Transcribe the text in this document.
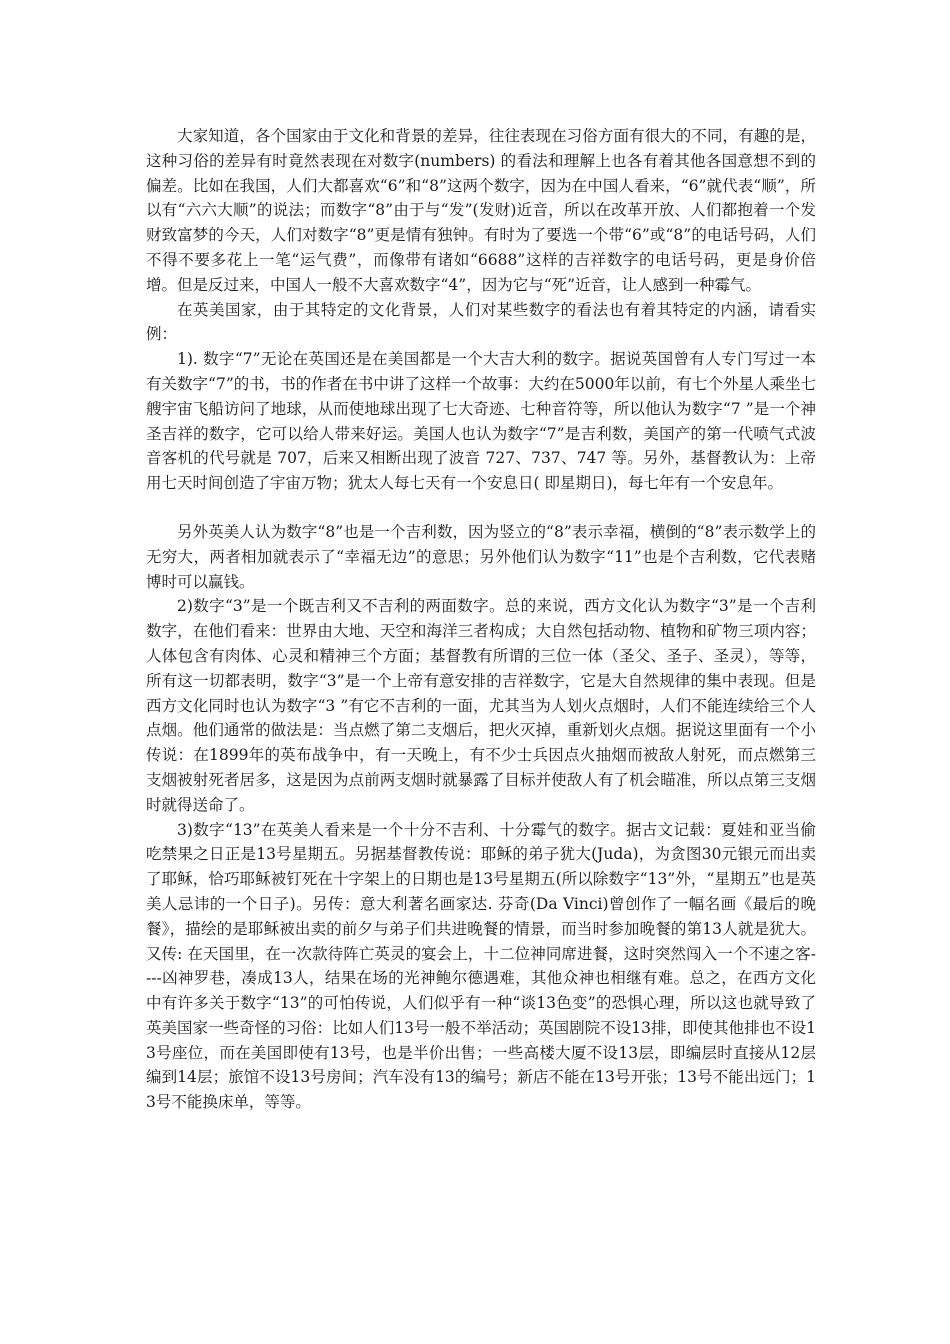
大家知道，各个国家由于文化和背景的差异，往往表现在习俗方面有很大的不同，有趣的是，这种习俗的差异有时竟然表现在对数字(numbers) 的看法和理解上也各有着其他各国意想不到的偏差。比如在我国，人们大都喜欢“6”和“8”这两个数字，因为在中国人看来，“6”就代表“顺”，所以有“六六大顺”的说法；而数字“8”由于与“发”(发财)近音，所以在改革开放、人们都抱着一个发财致富梦的今天，人们对数字“8”更是情有独钟。有时为了要选一个带“6”或“8”的电话号码，人们不得不要多花上一笔“运气费”，而像带有诸如“6688”这样的吉祥数字的电话号码，更是身价倍增。但是反过来，中国人一般不大喜欢数字“4”，因为它与“死”近音，让人感到一种霉气。

在英美国家，由于其特定的文化背景，人们对某些数字的看法也有着其特定的内涵，请看实例：

1). 数字“7”无论在英国还是在美国都是一个大吉大利的数字。据说英国曾有人专门写过一本有关数字“7”的书，书的作者在书中讲了这样一个故事：大约在5000年以前，有七个外星人乘坐七艘宇宙飞船访问了地球，从而使地球出现了七大奇迹、七种音符等，所以他认为数字“7 ”是一个神圣吉祥的数字，它可以给人带来好运。美国人也认为数字“7”是吉利数，美国产的第一代喷气式波音客机的代号就是 707，后来又相断出现了波音 727、737、747 等。另外，基督教认为：上帝用七天时间创造了宇宙万物；犹太人每七天有一个安息日( 即星期日)，每七年有一个安息年。

另外英美人认为数字“8”也是一个吉利数，因为竖立的“8”表示幸福，横倒的“8”表示数学上的无穷大，两者相加就表示了“幸福无边”的意思；另外他们认为数字“11”也是个吉利数，它代表赌博时可以赢钱。

2)数字“3”是一个既吉利又不吉利的两面数字。总的来说，西方文化认为数字“3”是一个吉利数字，在他们看来：世界由大地、天空和海洋三者构成；大自然包括动物、植物和矿物三项内容；人体包含有肉体、心灵和精神三个方面；基督教有所谓的三位一体（圣父、圣子、圣灵），等等，所有这一切都表明，数字“3”是一个上帝有意安排的吉祥数字，它是大自然规律的集中表现。但是西方文化同时也认为数字“3 ”有它不吉利的一面，尤其当为人划火点烟时，人们不能连续给三个人点烟。他们通常的做法是：当点燃了第二支烟后，把火灭掉，重新划火点烟。据说这里面有一个小传说：在1899年的英布战争中，有一天晚上，有不少士兵因点火抽烟而被敌人射死，而点燃第三支烟被射死者居多，这是因为点前两支烟时就暴露了目标并使敌人有了机会瞄准，所以点第三支烟时就得送命了。

3)数字“13”在英美人看来是一个十分不吉利、十分霉气的数字。据古文记载：夏娃和亚当偷吃禁果之日正是13号星期五。另据基督教传说：耶稣的弟子犹大(Juda)，为贪图30元银元而出卖了耶稣，恰巧耶稣被钉死在十字架上的日期也是13号星期五(所以除数字“13”外，“星期五”也是英美人忌讳的一个日子)。另传：意大利著名画家达. 芬奇(Da Vinci)曾创作了一幅名画《最后的晚餐》，描绘的是耶稣被出卖的前夕与弟子们共进晚餐的情景，而当时参加晚餐的第13人就是犹大。又传: 在天国里，在一次款待阵亡英灵的宴会上，十二位神同席进餐，这时突然闯入一个不速之客----凶神罗巷，凑成13人，结果在场的光神鲍尔德遇难，其他众神也相继有难。总之，在西方文化中有许多关于数字“13”的可怕传说，人们似乎有一种“谈13色变”的恐惧心理，所以这也就导致了英美国家一些奇怪的习俗：比如人们13号一般不举活动；英国剧院不设13排，即使其他排也不设13号座位，而在美国即使有13号，也是半价出售；一些高楼大厦不设13层，即编层时直接从12层编到14层；旅馆不设13号房间；汽车没有13的编号；新店不能在13号开张；13号不能出远门；13号不能换床单，等等。
